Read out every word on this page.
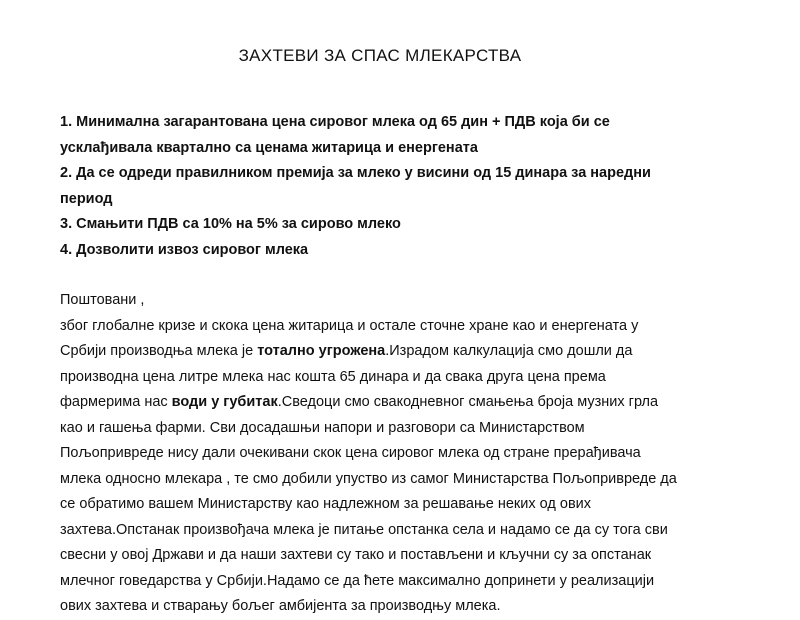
ЗАХТЕВИ ЗА СПАС МЛЕКАРСТВА

1. Минимална загарантована цена сировог млека од 65 дин + ПДВ која би се

усклађивала квартално са ценама житарица и енергената

2. Да се одреди правилником премија за млеко у висини од 15 динара за наредни

период

3. Смањити ПДВ са 10% на 5% за сирово млеко

4. Дозволити извоз сировог млека

Поштовани ,

због глобалне кризе и скока цена житарица и остале сточне хране као и енергената у

Србији производња млека је тотално угрожена.Израдом калкулација смо дошли да

производна цена литре млека нас кошта 65 динара и да свака друга цена према

фармерима нас води у губитак.Сведоци смо свакодневног смањења броја музних грла

као и гашења фарми. Сви досадашњи напори и разговори са Министарством

Пољопривреде нису дали очекивани скок цена сировог млека од стране прерађивача

млека односно млекара , те смо добили упуство из самог Министарства Пољопривреде да

се обратимо вашем Министарству као надлежном за решавање неких од ових

захтева.Опстанак произвођача млека је питање опстанка села и надамо се да су тога сви

свесни у овој Држави и да наши захтеви су тако и постављени и кључни су за опстанак

млечног говедарства у Србији.Надамо се да ћете максимално допринети у реализацији

ових захтева и стварању бољег амбијента за производњу млека.
